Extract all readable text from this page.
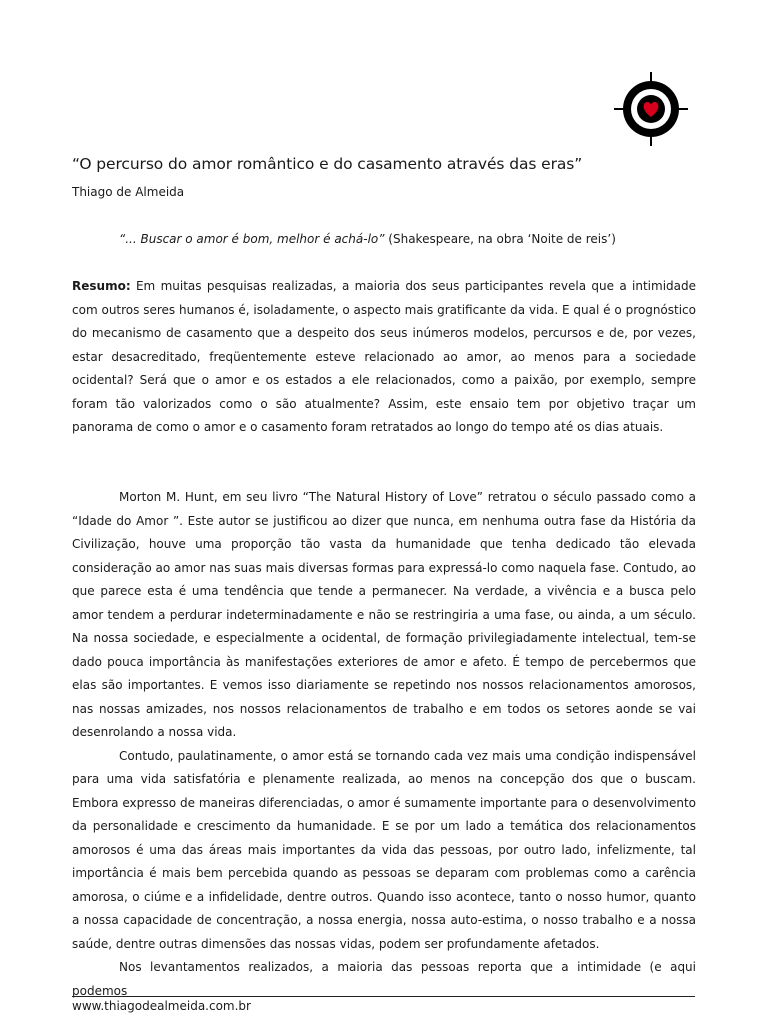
“O percurso do amor romântico e do casamento através das eras”

Thiago de Almeida

“... Buscar o amor é bom, melhor é achá-lo” (Shakespeare, na obra ‘Noite de reis’)

Resumo: Em muitas pesquisas realizadas, a maioria dos seus participantes revela que a intimidade com outros seres humanos é, isoladamente, o aspecto mais gratificante da vida. E qual é o prognóstico do mecanismo de casamento que a despeito dos seus inúmeros modelos, percursos e de, por vezes, estar desacreditado, freqüentemente esteve relacionado ao amor, ao menos para a sociedade ocidental? Será que o amor e os estados a ele relacionados, como a paixão, por exemplo, sempre foram tão valorizados como o são atualmente? Assim, este ensaio tem por objetivo traçar um panorama de como o amor e o casamento foram retratados ao longo do tempo até os dias atuais.

Morton M. Hunt, em seu livro “The Natural History of Love” retratou o século passado como a “Idade do Amor ”. Este autor se justificou ao dizer que nunca, em nenhuma outra fase da História da Civilização, houve uma proporção tão vasta da humanidade que tenha dedicado tão elevada consideração ao amor nas suas mais diversas formas para expressá-lo como naquela fase. Contudo, ao que parece esta é uma tendência que tende a permanecer. Na verdade, a vivência e a busca pelo amor tendem a perdurar indeterminadamente e não se restringiria a uma fase, ou ainda, a um século. Na nossa sociedade, e especialmente a ocidental, de formação privilegiadamente intelectual, tem-se dado pouca importância às manifestações exteriores de amor e afeto. É tempo de percebermos que elas são importantes. E vemos isso diariamente se repetindo nos nossos relacionamentos amorosos, nas nossas amizades, nos nossos relacionamentos de trabalho e em todos os setores aonde se vai desenrolando a nossa vida.

Contudo, paulatinamente, o amor está se tornando cada vez mais uma condição indispensável para uma vida satisfatória e plenamente realizada, ao menos na concepção dos que o buscam. Embora expresso de maneiras diferenciadas, o amor é sumamente importante para o desenvolvimento da personalidade e crescimento da humanidade. E se por um lado a temática dos relacionamentos amorosos é uma das áreas mais importantes da vida das pessoas, por outro lado, infelizmente, tal importância é mais bem percebida quando as pessoas se deparam com problemas como a carência amorosa, o ciúme e a infidelidade, dentre outros. Quando isso acontece, tanto o nosso humor, quanto a nossa capacidade de concentração, a nossa energia, nossa auto-estima, o nosso trabalho e a nossa saúde, dentre outras dimensões das nossas vidas, podem ser profundamente afetados.

Nos levantamentos realizados, a maioria das pessoas reporta que a intimidade (e aqui podemos

www.thiagodealmeida.com.br
